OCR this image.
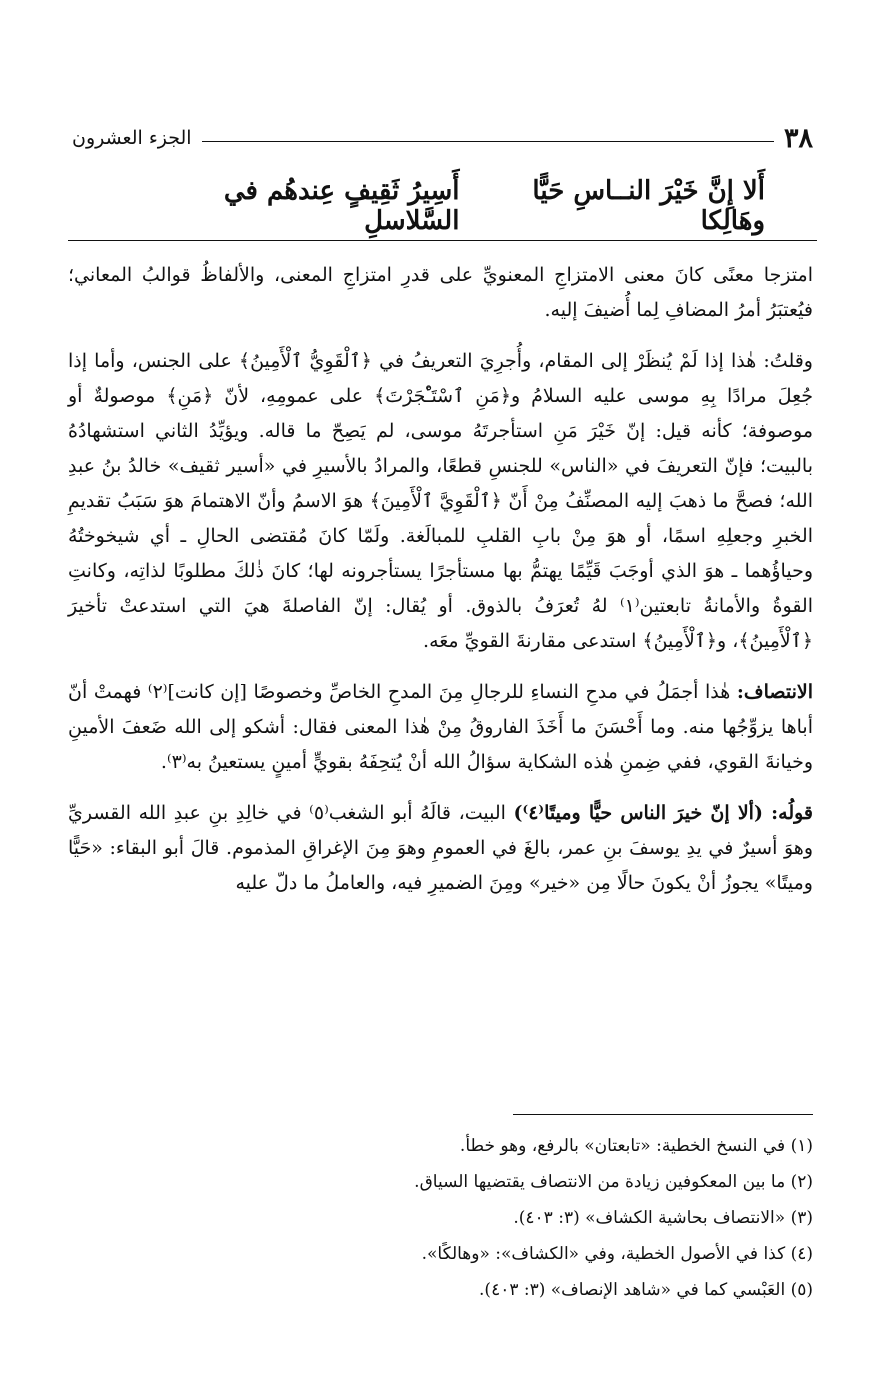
٣٨
الجزء العشرون
أَلا إِنَّ خَيْرَ النــاسِ حَيًّا وهَالِكا
أَسِيرُ ثَقِيفٍ عِندهُم في السَّلاسلِ

امتزجا معنًى كانَ معنى الامتزاجِ المعنويِّ على قدرِ امتزاجِ المعنى، والألفاظُ قوالبُ المعاني؛ فيُعتبَرُ أمرُ المضافِ لِما أُضيفَ إليه.

وقلتُ: هٰذا إذا لَمْ يُنظَرْ إلى المقام، وأُجرِيَ التعريفُ في ﴿ٱلْقَوِيُّ ٱلْأَمِينُ﴾ على الجنس، وأما إذا جُعِلَ مرادًا بِهِ موسى عليه السلامُ و﴿مَنِ ٱسْتَـْٔجَرْتَ﴾ على عمومِهِ، لأنّ ﴿مَنِ﴾ موصولةٌ أو موصوفة؛ كأنه قيل: إنّ خَيْرَ مَنِ استأجرتَهُ موسى، لم يَصِحّ ما قاله. ويؤيِّدُ الثاني استشهادُهُ بالبيت؛ فإنّ التعريفَ في «الناس» للجنسِ قطعًا، والمرادُ بالأسيرِ في «أسير ثقيف» خالدُ بنُ عبدِ الله؛ فصحَّ ما ذهبَ إليه المصنِّفُ مِنْ أَنّ ﴿ٱلْقَوِيَّ ٱلْأَمِينَ﴾ هوَ الاسمُ وأنّ الاهتمامَ هوَ سَبَبُ تقديمِ الخبرِ وجعلِهِ اسمًا، أو هوَ مِنْ بابِ القلبِ للمبالَغة. ولَمّا كانَ مُقتضى الحالِ ـ أي شيخوختُهُ وحياؤُهما ـ هوَ الذي أوجَبَ قَيِّمًا يهتمُّ بها مستأجرًا يستأجرونه لها؛ كانَ ذٰلكَ مطلوبًا لذاتِه، وكانتِ القوةُ والأمانةُ تابعتين⁽١⁾ لهُ تُعرَفُ بالذوق. أو يُقال: إنّ الفاصلةَ هيَ التي استدعتْ تأخيرَ ﴿ٱلْأَمِينُ﴾، و﴿ٱلْأَمِينُ﴾ استدعى مقارنةَ القويِّ معَه.

الانتصاف: هٰذا أجمَلُ في مدحِ النساءِ للرجالِ مِنَ المدحِ الخاصِّ وخصوصًا [إن كانت]⁽٢⁾ فهمتْ أنّ أباها يزوِّجُها منه. وما أَحْسَنَ ما أَخَذَ الفاروقُ مِنْ هٰذا المعنى فقال: أشكو إلى الله ضَعفَ الأمينِ وخيانةَ القوي، ففي ضِمنِ هٰذه الشكاية سؤالُ الله أنْ يُتحِفَهُ بقويٍّ أمينٍ يستعينُ به⁽٣⁾.

قولُه: (ألا إنّ خيرَ الناس حيًّا وميتًا⁽٤⁾) البيت، قالَهُ أبو الشغب⁽٥⁾ في خالِدِ بنِ عبدِ الله القسريِّ وهوَ أسيرٌ في يدِ يوسفَ بنِ عمر، بالغَ في العمومِ وهوَ مِنَ الإغراقِ المذموم. قالَ أبو البقاء: «حَيًّا وميتًا» يجوزُ أنْ يكونَ حالًا مِن «خير» ومِنَ الضميرِ فيه، والعاملُ ما دلّ عليه

(١) في النسخ الخطية: «تابعتان» بالرفع، وهو خطأ.
(٢) ما بين المعكوفين زيادة من الانتصاف يقتضيها السياق.
(٣) «الانتصاف بحاشية الكشاف» (٣: ٤٠٣).
(٤) كذا في الأصول الخطية، وفي «الكشاف»: «وهالكًا».
(٥) العَبْسي كما في «شاهد الإنصاف» (٣: ٤٠٣).
